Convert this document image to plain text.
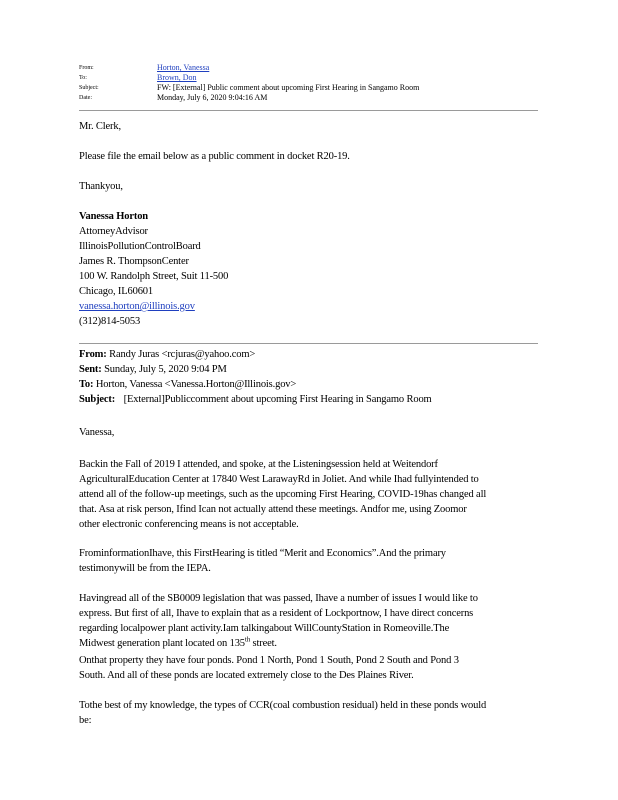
From:	Horton, Vanessa
To:	Brown, Don
Subject:	FW: [External] Public comment about upcoming First Hearing in Sangamo Room
Date:	Monday, July 6, 2020 9:04:16 AM
Mr. Clerk,
Please file the email below as a public comment in docket R20-19.
Thankyou,
Vanessa Horton
AttorneyAdvisor
IllinoisPollutionControlBoard
James R. ThompsonCenter
100 W. Randolph Street, Suit 11-500
Chicago, IL60601
vanessa.horton@illinois.gov
(312)814-5053
From: Randy Juras <rcjuras@yahoo.com>
Sent: Sunday, July 5, 2020 9:04 PM
To: Horton, Vanessa <Vanessa.Horton@Illinois.gov>
Subject: [External]Publiccomment about upcoming First Hearing in Sangamo Room
Vanessa,
Backin the Fall of 2019 I attended, and spoke, at the Listeningsession held at Weitendorf
AgriculturalEducation Center at 17840 West LarawayRd in Joliet. And while Ihad fullyintended to
attend all of the follow-up meetings, such as the upcoming First Hearing, COVID-19has changed all
that. Asa at risk person, Ifind Ican not actually attend these meetings. Andfor me, using Zoomor
other electronic conferencing means is not acceptable.
FrominformationIhave, this FirstHearing is titled “Merit and Economics”.And the primary
testimonywill be from the IEPA.
Havingread all of the SB0009 legislation that was passed, Ihave a number of issues I would like to
express. But first of all, Ihave to explain that as a resident of Lockportnow, I have direct concerns
regarding localpower plant activity.Iam talkingabout WillCountyStation in Romeoville.The
Midwest generation plant located on 135th street.
Onthat property they have four ponds. Pond 1 North, Pond 1 South, Pond 2 South and Pond 3
South. And all of these ponds are located extremely close to the Des Plaines River.
Tothe best of my knowledge, the types of CCR(coal combustion residual) held in these ponds would
be:
